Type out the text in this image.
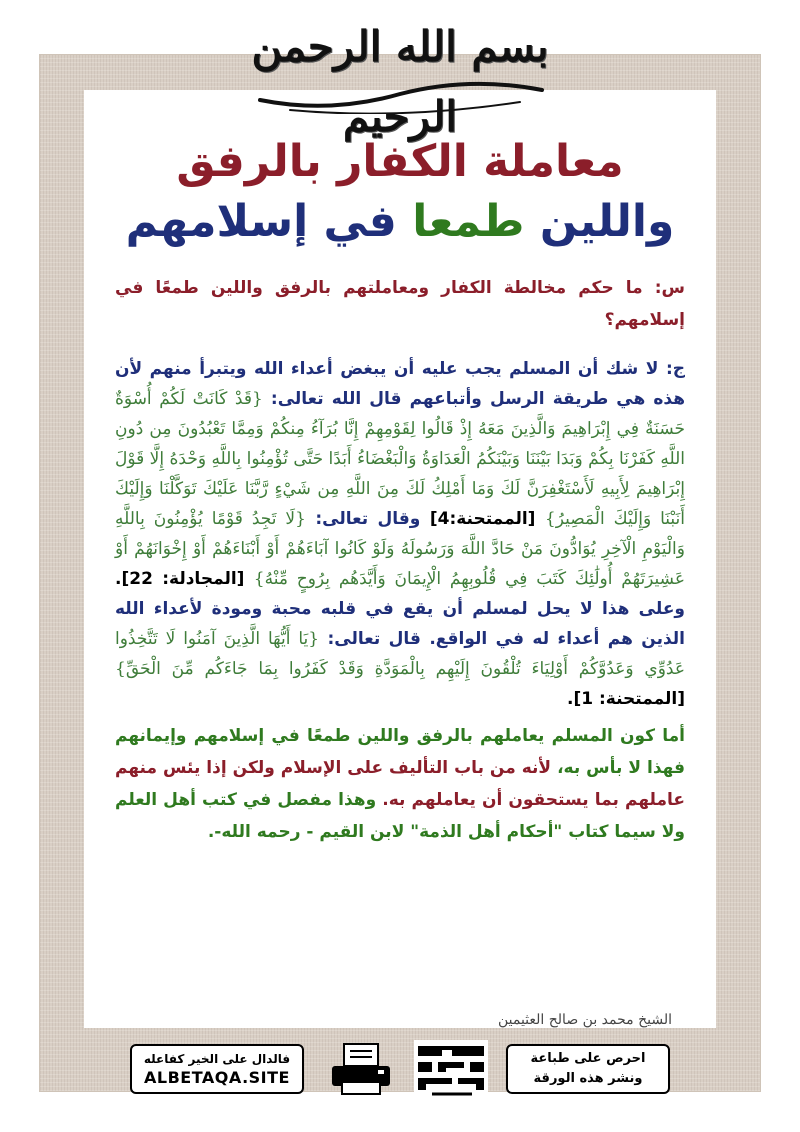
بسم الله الرحمن الرحيم
معاملة الكفار بالرفق
واللين طمعا في إسلامهم

س: ما حكم مخالطة الكفار ومعاملتهم بالرفق واللين طمعًا في إسلامهم؟

ج: لا شك أن المسلم يجب عليه أن يبغض أعداء الله ويتبرأ منهم لأن هذه هي طريقة الرسل وأتباعهم قال الله تعالى: {قَدْ كَانَتْ لَكُمْ أُسْوَةٌ حَسَنَةٌ فِي إِبْرَاهِيمَ وَالَّذِينَ مَعَهُ إِذْ قَالُوا لِقَوْمِهِمْ إِنَّا بُرَآءُ مِنكُمْ وَمِمَّا تَعْبُدُونَ مِن دُونِ اللَّهِ كَفَرْنَا بِكُمْ وَبَدَا بَيْنَنَا وَبَيْنَكُمُ الْعَدَاوَةُ وَالْبَغْضَاءُ أَبَدًا حَتَّى تُؤْمِنُوا بِاللَّهِ وَحْدَهُ إِلَّا قَوْلَ إِبْرَاهِيمَ لِأَبِيهِ لَأَسْتَغْفِرَنَّ لَكَ وَمَا أَمْلِكُ لَكَ مِنَ اللَّهِ مِن شَيْءٍ رَّبَّنَا عَلَيْكَ تَوَكَّلْنَا وَإِلَيْكَ أَنَبْنَا وَإِلَيْكَ الْمَصِيرُ} [الممتحنة:4] وقال تعالى: {لَا تَجِدُ قَوْمًا يُؤْمِنُونَ بِاللَّهِ وَالْيَوْمِ الْآخِرِ يُوَادُّونَ مَنْ حَادَّ اللَّهَ وَرَسُولَهُ وَلَوْ كَانُوا آبَاءَهُمْ أَوْ أَبْنَاءَهُمْ أَوْ إِخْوَانَهُمْ أَوْ عَشِيرَتَهُمْ أُولَٰئِكَ كَتَبَ فِي قُلُوبِهِمُ الْإِيمَانَ وَأَيَّدَهُم بِرُوحٍ مِّنْهُ} [المجادلة: 22]. وعلى هذا لا يحل لمسلم أن يقع في قلبه محبة ومودة لأعداء الله الذين هم أعداء له في الواقع. قال تعالى: {يَا أَيُّهَا الَّذِينَ آمَنُوا لَا تَتَّخِذُوا عَدُوِّي وَعَدُوَّكُمْ أَوْلِيَاءَ تُلْقُونَ إِلَيْهِم بِالْمَوَدَّةِ وَقَدْ كَفَرُوا بِمَا جَاءَكُم مِّنَ الْحَقِّ} [الممتحنة: 1].

أما كون المسلم يعاملهم بالرفق واللين طمعًا في إسلامهم وإيمانهم فهذا لا بأس به، لأنه من باب التأليف على الإسلام ولكن إذا يئس منهم عاملهم بما يستحقون أن يعاملهم به. وهذا مفصل في كتب أهل العلم ولا سيما كتاب "أحكام أهل الذمة" لابن القيم - رحمه الله-.

الشيخ محمد بن صالح العثيمين
فالدال على الخير كفاعله
ALBETAQA.SITE
احرص على طباعة
ونشر هذه الورقة
